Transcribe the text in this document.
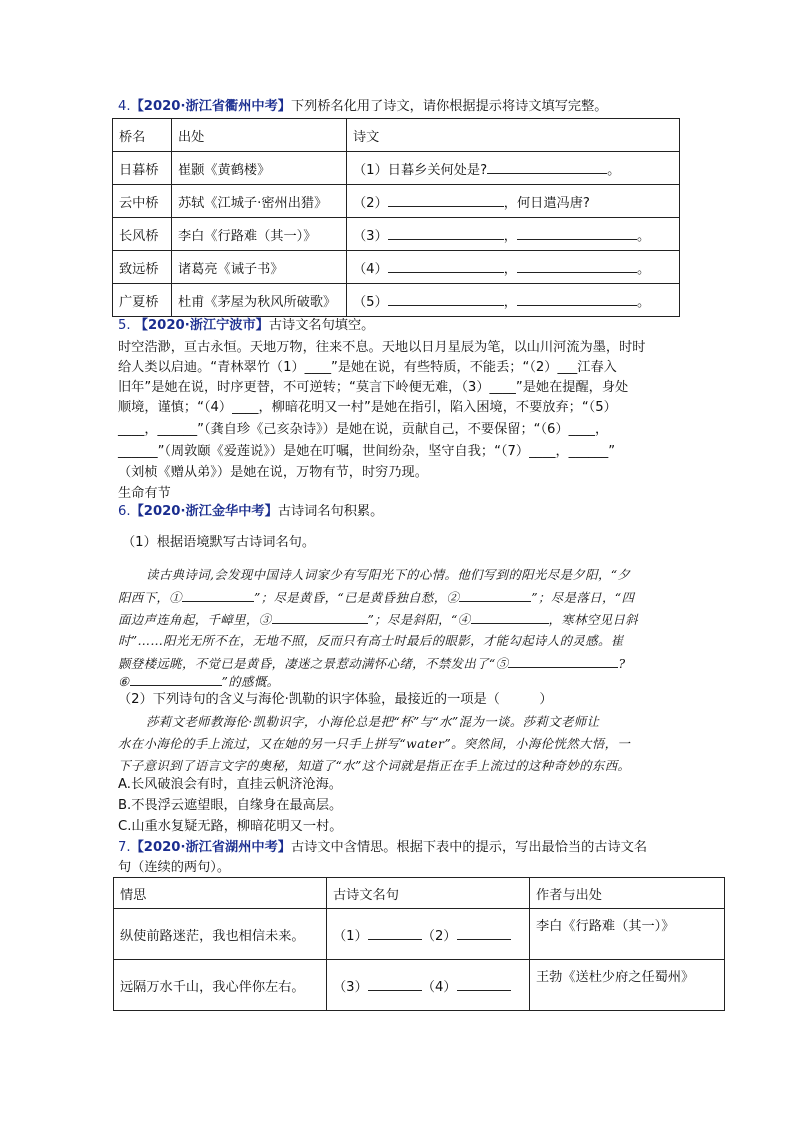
4.【2020·浙江省衢州中考】下列桥名化用了诗文，请你根据提示将诗文填写完整。
桥名	出处	诗文
日暮桥	崔颢《黄鹤楼》	（1）日暮乡关何处是? 。
云中桥	苏轼《江城子·密州出猎》	（2） ，何日遣冯唐?
长风桥	李白《行路难（其一）》	（3） ， 。
致远桥	诸葛亮《诫子书》	（4） ， 。
广夏桥	杜甫《茅屋为秋风所破歌》	（5） ， 。
5. 【2020·浙江宁波市】古诗文名句填空。
时空浩渺，亘古永恒。天地万物，往来不息。天地以日月星辰为笔，以山川河流为墨，时时
给人类以启迪。“青林翠竹（1）____”是她在说，有些特质，不能丢；“（2）___江春入
旧年”是她在说，时序更替，不可逆转；“莫言下岭便无难，（3）____”是她在提醒，身处
顺境，谨慎；“（4）____，柳暗花明又一村”是她在指引，陷入困境，不要放弃；“（5）
____，______”（龚自珍《己亥杂诗》）是她在说，贡献自己，不要保留；“（6）____，
______”（周敦颐《爱莲说》）是她在叮嘱，世间纷杂，坚守自我；“（7）____，______”
（刘桢《赠从弟》）是她在说，万物有节，时穷乃现。
生命有节
6.【2020·浙江金华中考】古诗词名句积累。
（1）根据语境默写古诗词名句。
读古典诗词,会发现中国诗人词家少有写阳光下的心情。他们写到的阳光尽是夕阳，“夕
阳西下，①	”；尽是黄昏，“已是黄昏独自愁，②	”；尽是落日，“四
面边声连角起，千嶂里，③	”；尽是斜阳，“④	，寒林空见日斜
时”……阳光无所不在，无地不照，反而只有高士时最后的眼影，才能勾起诗人的灵感。崔
颢登楼远眺，不觉已是黄昏，凄迷之景惹动满怀心绪，不禁发出了“⑤	?
⑥	”的感慨。
（2）下列诗句的含义与海伦·凯勒的识字体验，最接近的一项是（　　　）
莎莉文老师教海伦·凯勒识字，小海伦总是把“杯”与“水”混为一谈。莎莉文老师让
水在小海伦的手上流过，又在她的另一只手上拼写“water”。突然间，小海伦恍然大悟，一
下子意识到了语言文字的奥秘，知道了“水”这个词就是指正在手上流过的这种奇妙的东西。
A.长风破浪会有时，直挂云帆济沧海。
B.不畏浮云遮望眼，自缘身在最高层。
C.山重水复疑无路，柳暗花明又一村。
7.【2020·浙江省湖州中考】古诗文中含情思。根据下表中的提示，写出最恰当的古诗文名
句（连续的两句）。
情思	古诗文名句	作者与出处
纵使前路迷茫，我也相信未来。	（1） （2）	李白《行路难（其一）》
远隔万水千山，我心伴你左右。	（3） （4）	王勃《送杜少府之任蜀州》
